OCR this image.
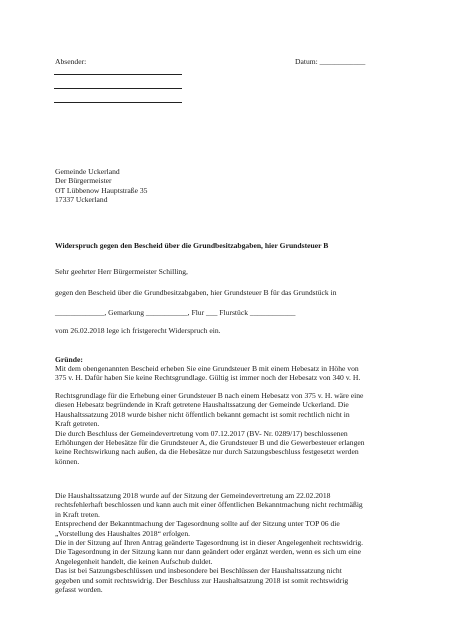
Absender:	Datum: ____________
Gemeinde Uckerland
Der Bürgermeister
OT Lübbenow Hauptstraße 35
17337 Uckerland
Widerspruch gegen den Bescheid über die Grundbesitzabgaben, hier Grundsteuer B
Sehr geehrter Herr Bürgermeister Schilling,
gegen den Bescheid über die Grundbesitzabgaben, hier Grundsteuer B für das Grundstück in
_____________, Gemarkung ___________, Flur ___ Flurstück ____________
vom 26.02.2018 lege ich fristgerecht Widerspruch ein.
Gründe:
Mit dem obengenannten Bescheid erheben Sie eine Grundsteuer B mit einem Hebesatz in Höhe von
375 v. H. Dafür haben Sie keine Rechtsgrundlage. Gültig ist immer noch der Hebesatz von 340 v. H.
Rechtsgrundlage für die Erhebung einer Grundsteuer B nach einem Hebesatz von 375 v. H. wäre eine
diesen Hebesatz begründende in Kraft getretene Haushaltssatzung der Gemeinde Uckerland. Die
Haushaltssatzung 2018 wurde bisher nicht öffentlich bekannt gemacht ist somit rechtlich nicht in
Kraft getreten.
Die durch Beschluss der Gemeindevertretung vom 07.12.2017 (BV- Nr. 0289/17) beschlossenen
Erhöhungen der Hebesätze für die Grundsteuer A, die Grundsteuer B und die Gewerbesteuer erlangen
keine Rechtswirkung nach außen, da die Hebesätze nur durch Satzungsbeschluss festgesetzt werden
können.
Die Haushaltssatzung 2018 wurde auf der Sitzung der Gemeindevertretung am 22.02.2018
rechtsfehlerhaft beschlossen und kann auch mit einer öffentlichen Bekanntmachung nicht rechtmäßig
in Kraft treten.
Entsprechend der Bekanntmachung der Tagesordnung sollte auf der Sitzung unter TOP 06 die
„Vorstellung des Haushaltes 2018“ erfolgen.
Die in der Sitzung auf Ihren Antrag geänderte Tagesordnung ist in dieser Angelegenheit rechtswidrig.
Die Tagesordnung in der Sitzung kann nur dann geändert oder ergänzt werden, wenn es sich um eine
Angelegenheit handelt, die keinen Aufschub duldet.
Das ist bei Satzungsbeschlüssen und insbesondere bei Beschlüssen der Haushaltssatzung nicht
gegeben und somit rechtswidrig. Der Beschluss zur Haushaltsatzung 2018 ist somit rechtswidrig
gefasst worden.
